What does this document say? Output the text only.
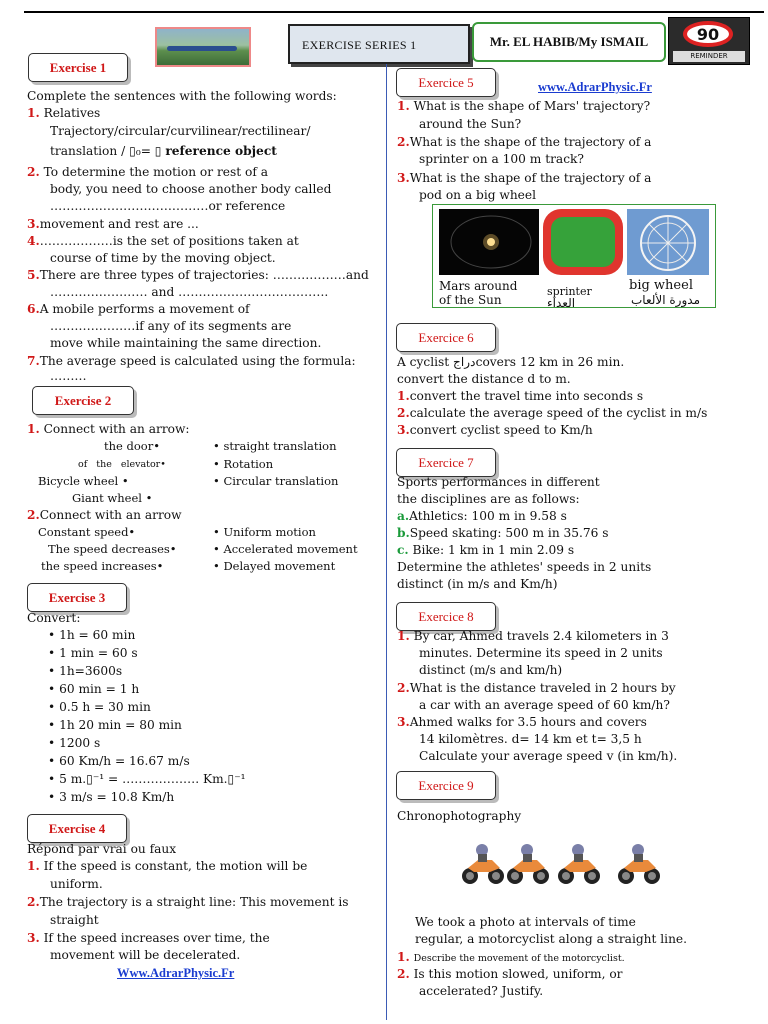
EXERCISE SERIES 1	Mr. EL HABIB/My ISMAIL	90
REMINDER
Exercise 1
Complete the sentences with the following words:
1. Relatives
Trajectory/circular/curvilinear/rectilinear/
translation / ▯₀= ▯ reference object
2. To determine the motion or rest of a
body, you need to choose another body called
…………………………………or reference
3.movement and rest are ...
4.………………is the set of positions taken at
course of time by the moving object.
5.There are three types of trajectories: ………………and
…………………… and ……………………………….
6.A mobile performs a movement of
…………………if any of its segments are
move while maintaining the same direction.
7.The average speed is calculated using the formula:
………
Exercise 2
1. Connect with an arrow:
the door•
of the elevator•
Bicycle wheel •
Giant wheel •
• straight translation
• Rotation
• Circular translation
2.Connect with an arrow
Constant speed•
The speed decreases•
the speed increases•
• Uniform motion
• Accelerated movement
• Delayed movement
Exercise 3
Convert:
• 1h = 60 min
• 1 min = 60 s
• 1h=3600s
• 60 min = 1 h
• 0.5 h = 30 min
• 1h 20 min = 80 min
• 1200 s
• 60 Km/h = 16.67 m/s
• 5 m.▯⁻¹ = ………………. Km.▯⁻¹
• 3 m/s = 10.8 Km/h
Exercise 4
Répond par vrai ou faux
1. If the speed is constant, the motion will be
uniform.
2.The trajectory is a straight line: This movement is
straight
3. If the speed increases over time, the
movement will be decelerated.
Www.AdrarPhysic.Fr
Exercice 5	www.AdrarPhysic.Fr
1. What is the shape of Mars' trajectory?
around the Sun?
2.What is the shape of the trajectory of a
sprinter on a 100 m track?
3.What is the shape of the trajectory of a
pod on a big wheel
Mars around
of the Sun
sprinter
العداء
big wheel
مدورة الألعاب
Exercice 6
A cyclist دراجcovers 12 km in 26 min.
convert the distance d to m.
1.convert the travel time into seconds s
2.calculate the average speed of the cyclist in m/s
3.convert cyclist speed to Km/h
Exercice 7
Sports performances in different
the disciplines are as follows:
a.Athletics: 100 m in 9.58 s
b.Speed skating: 500 m in 35.76 s
c. Bike: 1 km in 1 min 2.09 s
Determine the athletes' speeds in 2 units
distinct (in m/s and Km/h)
Exercice 8
1. By car, Ahmed travels 2.4 kilometers in 3
minutes. Determine its speed in 2 units
distinct (m/s and km/h)
2.What is the distance traveled in 2 hours by
a car with an average speed of 60 km/h?
3.Ahmed walks for 3.5 hours and covers
14 kilomètres. d= 14 km et t= 3,5 h
Calculate your average speed v (in km/h).
Exercice 9
Chronophotography
We took a photo at intervals of time
regular, a motorcyclist along a straight line.
1. Describe the movement of the motorcyclist.
2. Is this motion slowed, uniform, or
accelerated? Justify.
